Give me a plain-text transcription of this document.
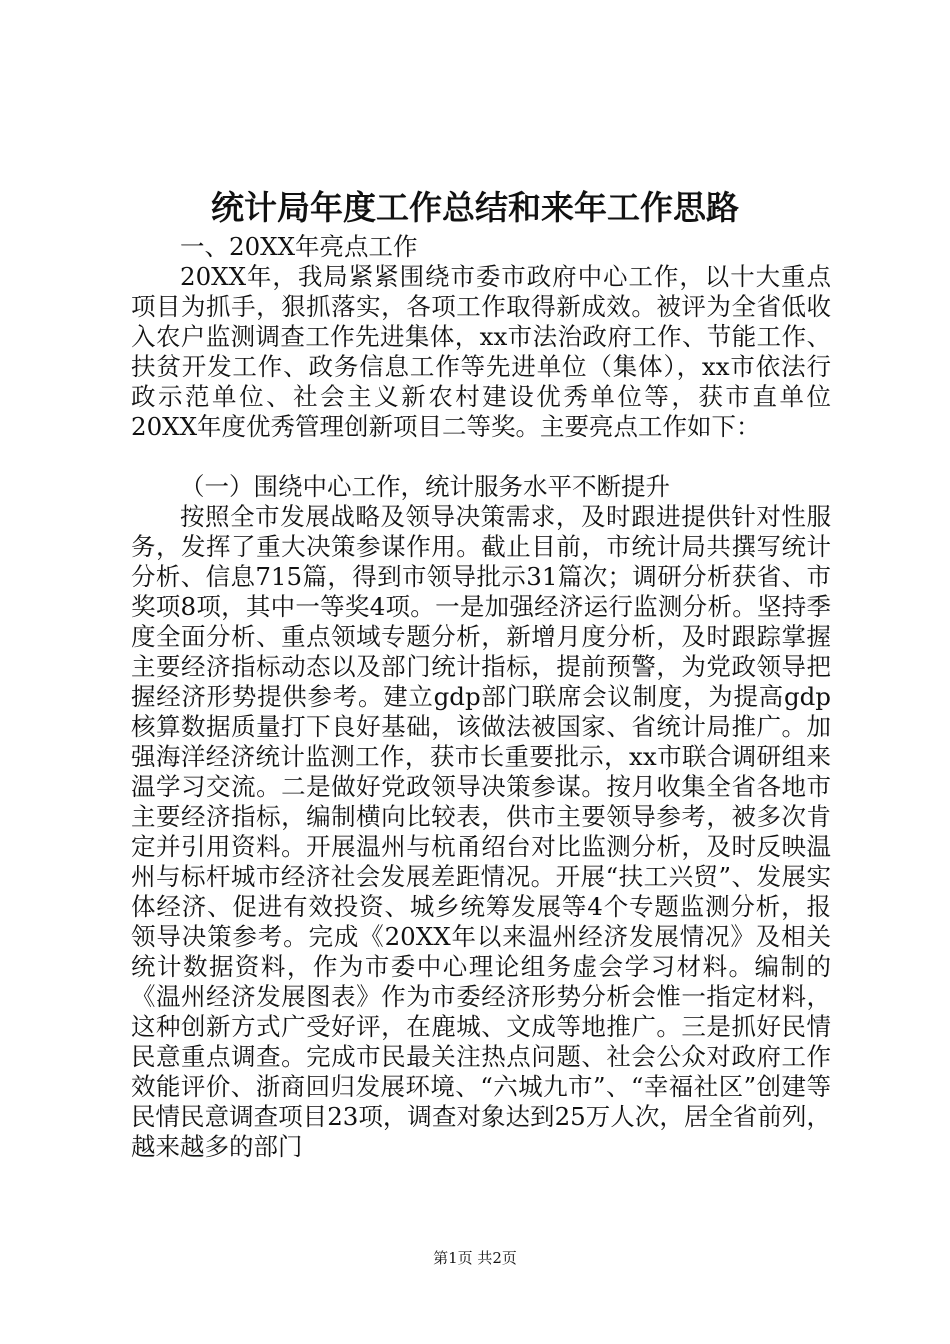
统计局年度工作总结和来年工作思路

一、20XX年亮点工作

20XX年，我局紧紧围绕市委市政府中心工作，以十大重点项目为抓手，狠抓落实，各项工作取得新成效。被评为全省低收入农户监测调查工作先进集体，xx市法治政府工作、节能工作、扶贫开发工作、政务信息工作等先进单位（集体），xx市依法行政示范单位、社会主义新农村建设优秀单位等，获市直单位20XX年度优秀管理创新项目二等奖。主要亮点工作如下：

（一）围绕中心工作，统计服务水平不断提升

按照全市发展战略及领导决策需求，及时跟进提供针对性服务，发挥了重大决策参谋作用。截止目前，市统计局共撰写统计分析、信息715篇，得到市领导批示31篇次；调研分析获省、市奖项8项，其中一等奖4项。一是加强经济运行监测分析。坚持季度全面分析、重点领域专题分析，新增月度分析，及时跟踪掌握主要经济指标动态以及部门统计指标，提前预警，为党政领导把握经济形势提供参考。建立gdp部门联席会议制度，为提高gdp核算数据质量打下良好基础，该做法被国家、省统计局推广。加强海洋经济统计监测工作，获市长重要批示，xx市联合调研组来温学习交流。二是做好党政领导决策参谋。按月收集全省各地市主要经济指标，编制横向比较表，供市主要领导参考，被多次肯定并引用资料。开展温州与杭甬绍台对比监测分析，及时反映温州与标杆城市经济社会发展差距情况。开展“扶工兴贸”、发展实体经济、促进有效投资、城乡统筹发展等4个专题监测分析，报领导决策参考。完成《20XX年以来温州经济发展情况》及相关统计数据资料，作为市委中心理论组务虚会学习材料。编制的《温州经济发展图表》作为市委经济形势分析会惟一指定材料，这种创新方式广受好评，在鹿城、文成等地推广。三是抓好民情民意重点调查。完成市民最关注热点问题、社会公众对政府工作效能评价、浙商回归发展环境、“六城九市”、“幸福社区”创建等民情民意调查项目23项，调查对象达到25万人次，居全省前列，越来越多的部门

第1页 共2页
